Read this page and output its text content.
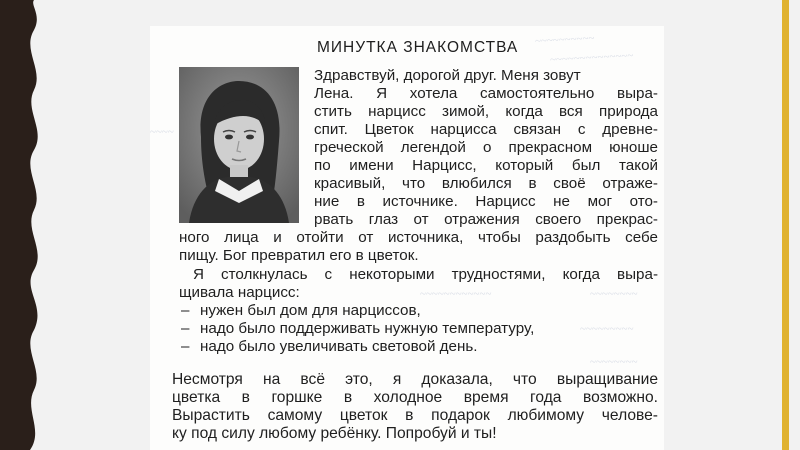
~~~~~~~~~~
~~~~~~~~~~~~~~
~~~~
~~~~~~~~~~~~	~~~~~~~~
~~~~~~~~~
~~~~~~~~
МИНУТКА ЗНАКОМСТВА
Здравствуй, дорогой друг. Меня зовут
Лена. Я хотела самостоятельно выра-
стить нарцисс зимой, когда вся природа
спит. Цветок нарцисса связан с древне-
греческой легендой о прекрасном юноше
по имени Нарцисс, который был такой
красивый, что влюбился в своё отраже-
ние в источнике. Нарцисс не мог ото-
рвать глаз от отражения своего прекрас-
ного лица и отойти от источника, чтобы раздобыть себе
пищу. Бог превратил его в цветок.
Я столкнулась с некоторыми трудностями, когда выра-
щивала нарцисс:
– нужен был дом для нарциссов,
– надо было поддерживать нужную температуру,
– надо было увеличивать световой день.
Несмотря на всё это, я доказала, что выращивание
цветка в горшке в холодное время года возможно.
Вырастить самому цветок в подарок любимому челове-
ку под силу любому ребёнку. Попробуй и ты!
